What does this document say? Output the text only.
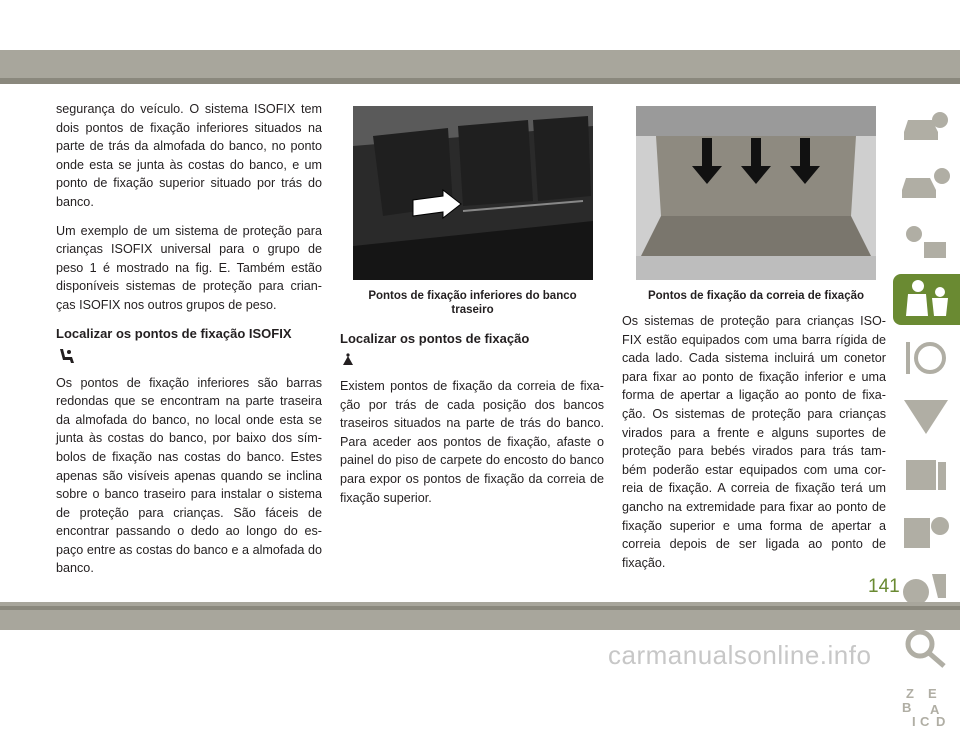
segurança do veículo. O sistema ISOFIX tem dois pontos de fixação inferiores situados na parte de trás da almofada do banco, no ponto onde esta se junta às costas do banco, e um ponto de fixação superior situado por trás do banco.

Um exemplo de um sistema de proteção para crianças ISOFIX universal para o grupo de peso 1 é mostrado na fig. E. Também estão disponíveis sistemas de proteção para crian-ças ISOFIX nos outros grupos de peso.

Localizar os pontos de fixação ISOFIX

Os pontos de fixação inferiores são barras redondas que se encontram na parte traseira da almofada do banco, no local onde esta se junta às costas do banco, por baixo dos sím-bolos de fixação nas costas do banco. Estes apenas são visíveis apenas quando se inclina sobre o banco traseiro para instalar o sistema de proteção para crianças. São fáceis de encontrar passando o dedo ao longo do es-paço entre as costas do banco e a almofada do banco.

Pontos de fixação inferiores do banco traseiro
Localizar os pontos de fixação

Existem pontos de fixação da correia de fixa-ção por trás de cada posição dos bancos traseiros situados na parte de trás do banco. Para aceder aos pontos de fixação, afaste o painel do piso de carpete do encosto do banco para expor os pontos de fixação da correia de fixação superior.

Pontos de fixação da correia de fixação

Os sistemas de proteção para crianças ISO-FIX estão equipados com uma barra rígida de cada lado. Cada sistema incluirá um conetor para fixar ao ponto de fixação inferior e uma forma de apertar a ligação ao ponto de fixa-ção. Os sistemas de proteção para crianças virados para a frente e alguns suportes de proteção para bebés virados para trás tam-bém poderão estar equipados com uma cor-reia de fixação. A correia de fixação terá um gancho na extremidade para fixar ao ponto de fixação superior e uma forma de apertar a correia depois de ser ligada ao ponto de fixação.

Z E
B A
I C D
141
carmanualsonline.info
